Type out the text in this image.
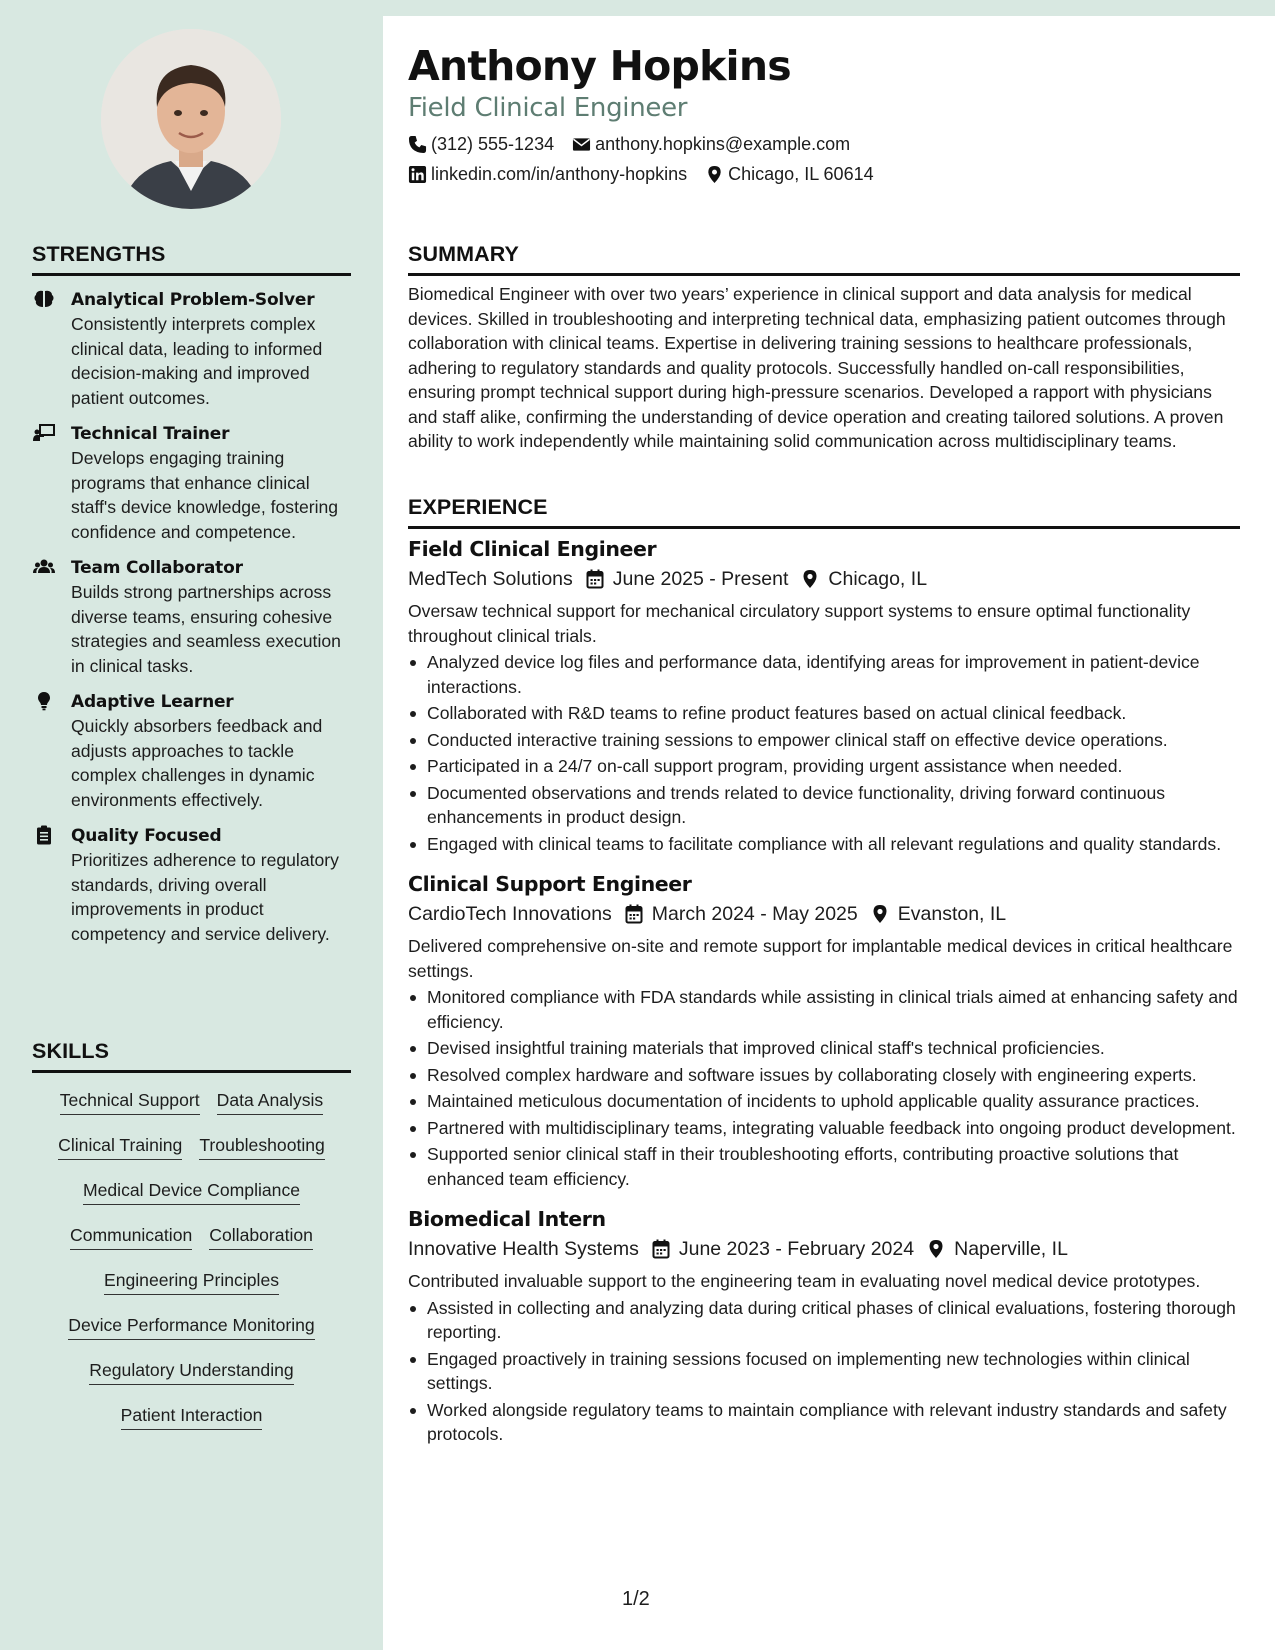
STRENGTHS
Analytical Problem-Solver
Consistently interprets complex clinical data, leading to informed decision-making and improved patient outcomes.
Technical Trainer
Develops engaging training programs that enhance clinical staff's device knowledge, fostering confidence and competence.
Team Collaborator
Builds strong partnerships across diverse teams, ensuring cohesive strategies and seamless execution in clinical tasks.
Adaptive Learner
Quickly absorbers feedback and adjusts approaches to tackle complex challenges in dynamic environments effectively.
Quality Focused
Prioritizes adherence to regulatory standards, driving overall improvements in product competency and service delivery.
SKILLS
Technical Support Data Analysis
Clinical Training Troubleshooting
Medical Device Compliance
Communication Collaboration
Engineering Principles
Device Performance Monitoring
Regulatory Understanding
Patient Interaction
Anthony Hopkins
Field Clinical Engineer
(312) 555-1234 anthony.hopkins@example.com
linkedin.com/in/anthony-hopkins Chicago, IL 60614
SUMMARY

Biomedical Engineer with over two years’ experience in clinical support and data analysis for medical devices. Skilled in troubleshooting and interpreting technical data, emphasizing patient outcomes through collaboration with clinical teams. Expertise in delivering training sessions to healthcare professionals, adhering to regulatory standards and quality protocols. Successfully handled on-call responsibilities, ensuring prompt technical support during high-pressure scenarios. Developed a rapport with physicians and staff alike, confirming the understanding of device operation and creating tailored solutions. A proven ability to work independently while maintaining solid communication across multidisciplinary teams.

EXPERIENCE
Field Clinical Engineer
MedTech Solutions June 2025 - Present Chicago, IL
Oversaw technical support for mechanical circulatory support systems to ensure optimal functionality throughout clinical trials.
Analyzed device log files and performance data, identifying areas for improvement in patient-device interactions.
Collaborated with R&D teams to refine product features based on actual clinical feedback.
Conducted interactive training sessions to empower clinical staff on effective device operations.
Participated in a 24/7 on-call support program, providing urgent assistance when needed.
Documented observations and trends related to device functionality, driving forward continuous enhancements in product design.
Engaged with clinical teams to facilitate compliance with all relevant regulations and quality standards.
Clinical Support Engineer
CardioTech Innovations March 2024 - May 2025 Evanston, IL
Delivered comprehensive on-site and remote support for implantable medical devices in critical healthcare settings.
Monitored compliance with FDA standards while assisting in clinical trials aimed at enhancing safety and efficiency.
Devised insightful training materials that improved clinical staff's technical proficiencies.
Resolved complex hardware and software issues by collaborating closely with engineering experts.
Maintained meticulous documentation of incidents to uphold applicable quality assurance practices.
Partnered with multidisciplinary teams, integrating valuable feedback into ongoing product development.
Supported senior clinical staff in their troubleshooting efforts, contributing proactive solutions that enhanced team efficiency.
Biomedical Intern
Innovative Health Systems June 2023 - February 2024 Naperville, IL
Contributed invaluable support to the engineering team in evaluating novel medical device prototypes.
Assisted in collecting and analyzing data during critical phases of clinical evaluations, fostering thorough reporting.
Engaged proactively in training sessions focused on implementing new technologies within clinical settings.
Worked alongside regulatory teams to maintain compliance with relevant industry standards and safety protocols.
1/2
